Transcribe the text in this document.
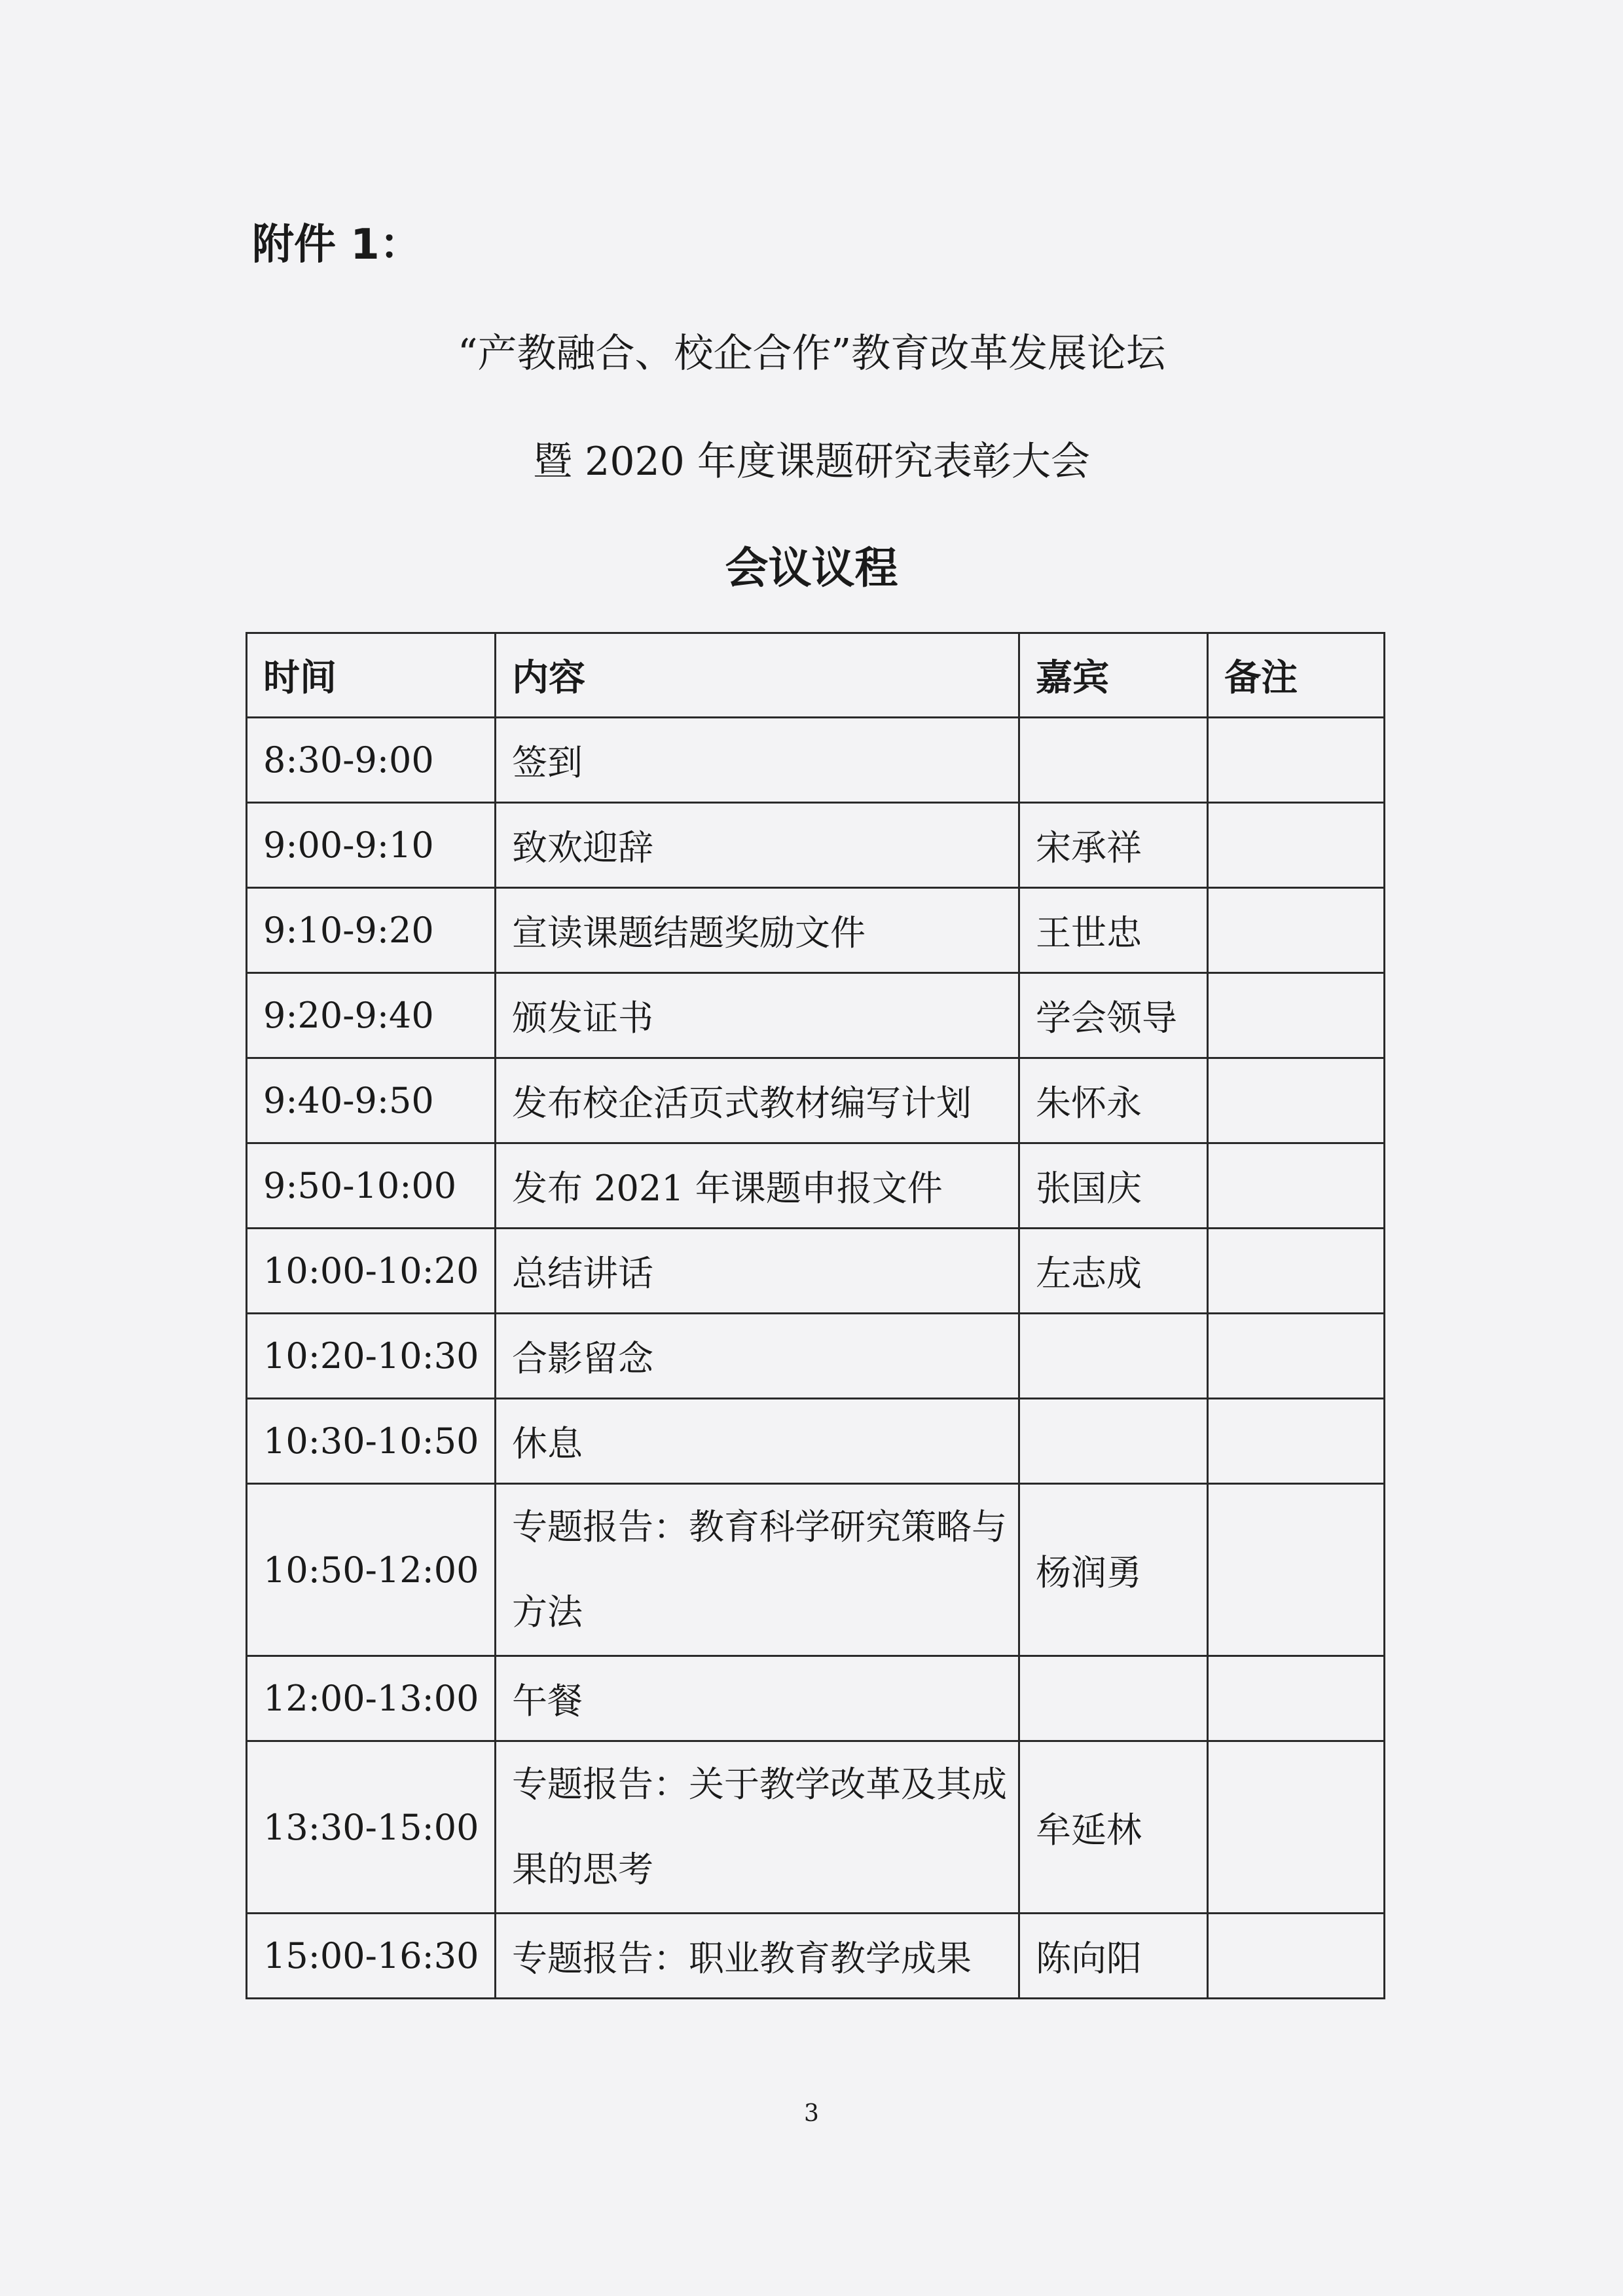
附件 1：
“产教融合、校企合作”教育改革发展论坛
暨 2020 年度课题研究表彰大会
会议议程
时间	内容	嘉宾	备注
8:30-9:00	签到		
9:00-9:10	致欢迎辞	宋承祥	
9:10-9:20	宣读课题结题奖励文件	王世忠	
9:20-9:40	颁发证书	学会领导	
9:40-9:50	发布校企活页式教材编写计划	朱怀永	
9:50-10:00	发布 2021 年课题申报文件	张国庆	
10:00-10:20	总结讲话	左志成	
10:20-10:30	合影留念		
10:30-10:50	休息		
10:50-12:00	专题报告：教育科学研究策略与方法	杨润勇	
12:00-13:00	午餐		
13:30-15:00	专题报告：关于教学改革及其成果的思考	牟延林	
15:00-16:30	专题报告：职业教育教学成果	陈向阳	
3
